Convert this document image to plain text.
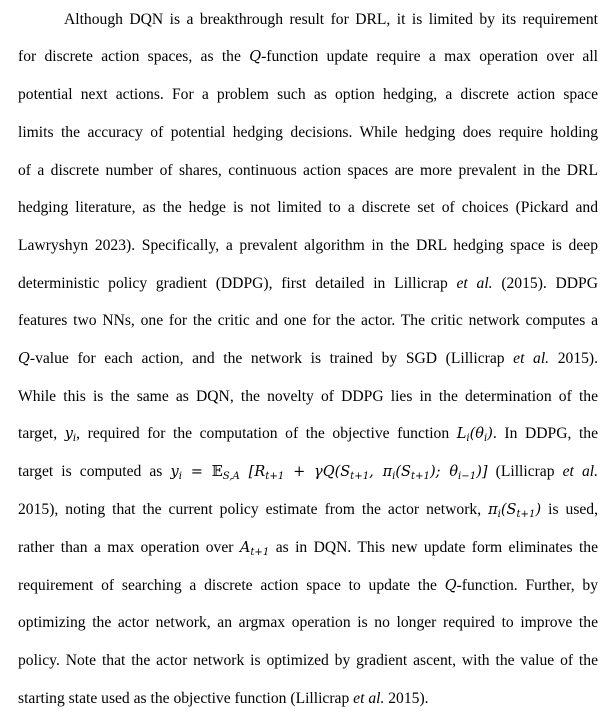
Although DQN is a breakthrough result for DRL, it is limited by its requirement
for discrete action spaces, as the Q-function update require a max operation over all
potential next actions. For a problem such as option hedging, a discrete action space
limits the accuracy of potential hedging decisions. While hedging does require holding
of a discrete number of shares, continuous action spaces are more prevalent in the DRL
hedging literature, as the hedge is not limited to a discrete set of choices (Pickard and
Lawryshyn 2023). Specifically, a prevalent algorithm in the DRL hedging space is deep
deterministic policy gradient (DDPG), first detailed in Lillicrap et al. (2015). DDPG
features two NNs, one for the critic and one for the actor. The critic network computes a
Q-value for each action, and the network is trained by SGD (Lillicrap et al. 2015).
While this is the same as DQN, the novelty of DDPG lies in the determination of the
target, $y_i$, required for the computation of the objective function $L_i(\theta_i)$. In DDPG, the
target is computed as $y_i$ = 𝔼$_{S,A}$ [$R_{t+1} + \gamma Q(S_{t+1}$, $\pi_i(S_{t+1})$; $\theta_{i-1}$)] (Lillicrap et al.
2015), noting that the current policy estimate from the actor network, $\pi_i(S_{t+1})$ is used,
rather than a max operation over $A_{t+1}$ as in DQN. This new update form eliminates the
requirement of searching a discrete action space to update the Q-function. Further, by
optimizing the actor network, an argmax operation is no longer required to improve the
policy. Note that the actor network is optimized by gradient ascent, with the value of the
starting state used as the objective function (Lillicrap et al. 2015).
